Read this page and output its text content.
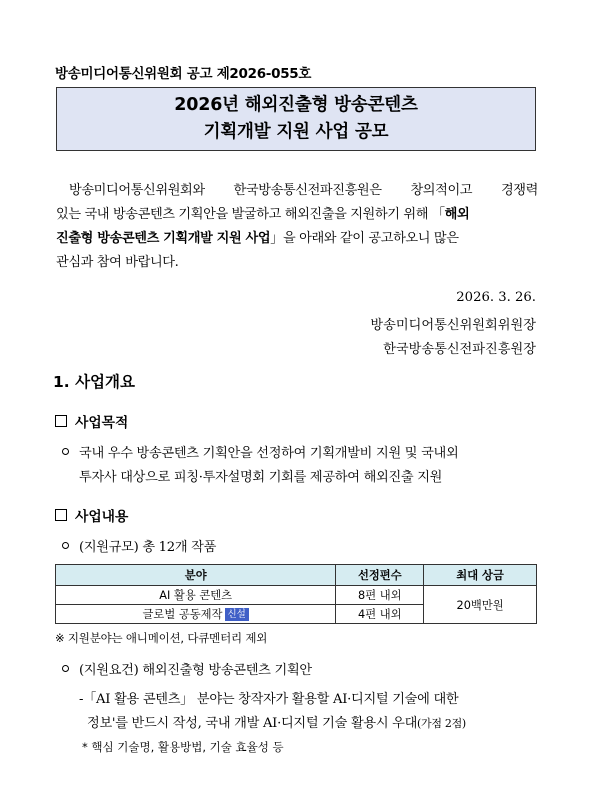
방송미디어통신위원회 공고 제2026-055호
2026년 해외진출형 방송콘텐츠
기획개발 지원 사업 공모
방송미디어통신위원회와 한국방송통신전파진흥원은 창의적이고 경쟁력
있는 국내 방송콘텐츠 기획안을 발굴하고 해외진출을 지원하기 위해 「해외
진출형 방송콘텐츠 기획개발 지원 사업」을 아래와 같이 공고하오니 많은
관심과 참여 바랍니다.
2026. 3. 26.
방송미디어통신위원회위원장
한국방송통신전파진흥원장
1. 사업개요
사업목적
국내 우수 방송콘텐츠 기획안을 선정하여 기획개발비 지원 및 국내외
투자사 대상으로 피칭·투자설명회 기회를 제공하여 해외진출 지원
사업내용
(지원규모) 총 12개 작품
분야	선정편수	최대 상금
AI 활용 콘텐츠	8편 내외	20백만원
글로벌 공동제작 신설	4편 내외	
※ 지원분야는 애니메이션, 다큐멘터리 제외
(지원요건) 해외진출형 방송콘텐츠 기획안
-「AI 활용 콘텐츠」 분야는 창작자가 활용할 AI·디지털 기술에 대한
정보'를 반드시 작성, 국내 개발 AI·디지털 기술 활용시 우대(가점 2점)
* 핵심 기술명, 활용방법, 기술 효율성 등
